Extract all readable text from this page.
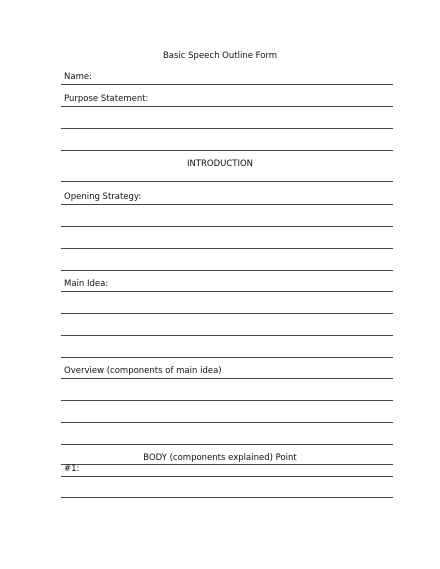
Basic Speech Outline Form
Name:
Purpose Statement:
INTRODUCTION
Opening Strategy:
Main Idea:
Overview (components of main idea)
BODY (components explained) Point
#1:
